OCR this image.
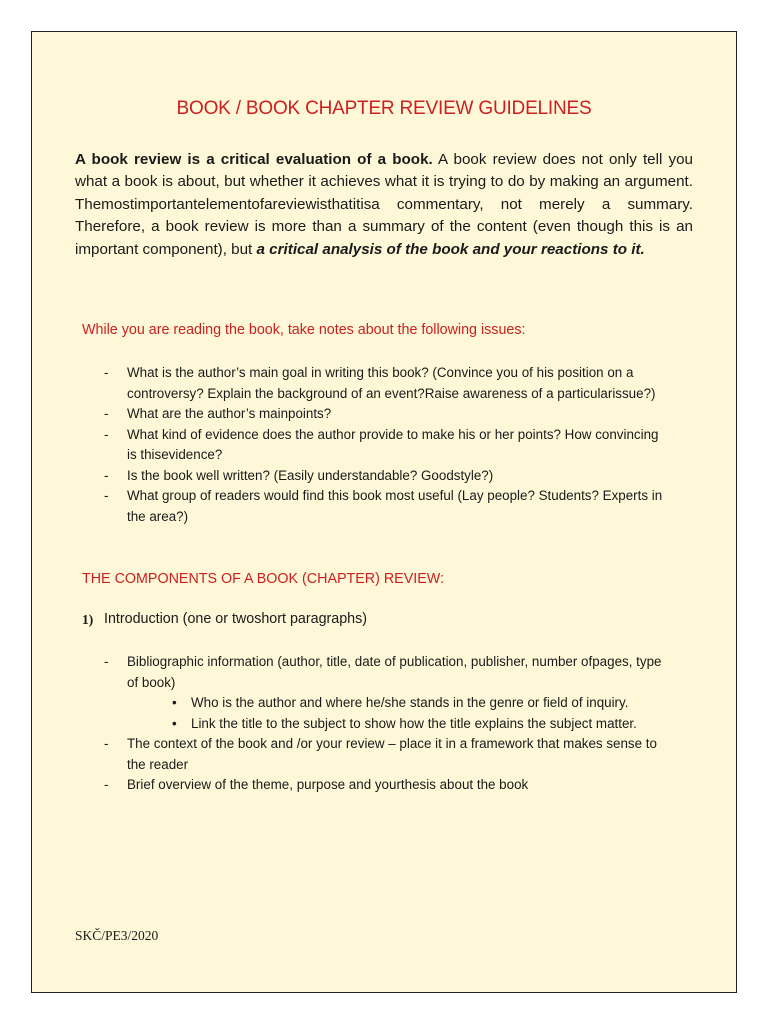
BOOK / BOOK CHAPTER REVIEW GUIDELINES

A book review is a critical evaluation of a book. A book review does not only tell you what a book is about, but whether it achieves what it is trying to do by making an argument. Themostimportantelementofareviewisthatitisa commentary, not merely a summary. Therefore, a book review is more than a summary of the content (even though this is an important component), but a critical analysis of the book and your reactions to it.

While you are reading the book, take notes about the following issues:

- What is the author’s main goal in writing this book? (Convince you of his position on a controversy? Explain the background of an event?Raise awareness of a particularissue?)
- What are the author’s mainpoints?
- What kind of evidence does the author provide to make his or her points? How convincing is thisevidence?
- Is the book well written? (Easily understandable? Goodstyle?)
- What group of readers would find this book most useful (Lay people? Students? Experts in the area?)

THE COMPONENTS OF A BOOK (CHAPTER) REVIEW:

1) Introduction (one or twoshort paragraphs)
- Bibliographic information (author, title, date of publication, publisher, number ofpages, type of book)
• Who is the author and where he/she stands in the genre or field of inquiry.
• Link the title to the subject to show how the title explains the subject matter.
- The context of the book and /or your review – place it in a framework that makes sense to the reader
- Brief overview of the theme, purpose and yourthesis about the book
SKČ/PE3/2020
